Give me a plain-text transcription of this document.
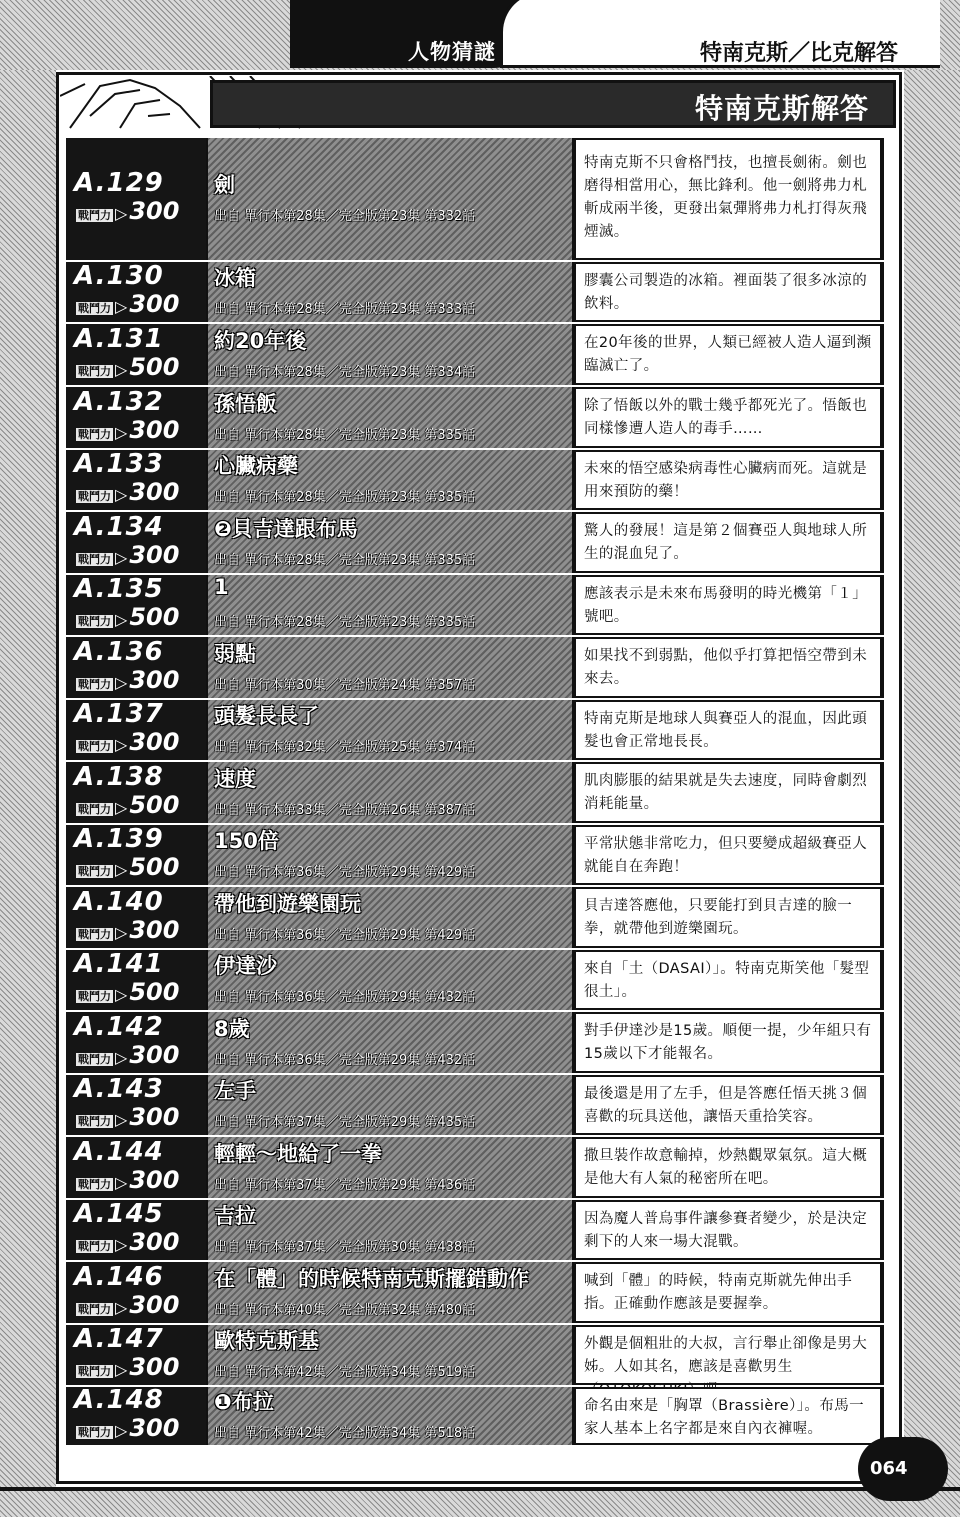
人物猜謎	特南克斯／比克解答
特南克斯解答
A.129
戰鬥力 ▷300
劍
出自 單行本第28集／完全版第23集 第332話
特南克斯不只會格鬥技，也擅長劍術。劍也磨得相當用心，無比鋒利。他一劍將弗力札斬成兩半後，更發出氣彈將弗力札打得灰飛煙滅。
A.130
戰鬥力 ▷300
冰箱
出自 單行本第28集／完全版第23集 第333話
膠囊公司製造的冰箱。裡面裝了很多冰涼的飲料。
A.131
戰鬥力 ▷500
約20年後
出自 單行本第28集／完全版第23集 第334話
在20年後的世界，人類已經被人造人逼到瀕臨滅亡了。
A.132
戰鬥力 ▷300
孫悟飯
出自 單行本第28集／完全版第23集 第335話
除了悟飯以外的戰士幾乎都死光了。悟飯也同樣慘遭人造人的毒手……
A.133
戰鬥力 ▷300
心臟病藥
出自 單行本第28集／完全版第23集 第335話
未來的悟空感染病毒性心臟病而死。這就是用來預防的藥！
A.134
戰鬥力 ▷300
❷貝吉達跟布馬
出自 單行本第28集／完全版第23集 第335話
驚人的發展！這是第２個賽亞人與地球人所生的混血兒了。
A.135
戰鬥力 ▷500
1
出自 單行本第28集／完全版第23集 第335話
應該表示是未來布馬發明的時光機第「１」號吧。
A.136
戰鬥力 ▷300
弱點
出自 單行本第30集／完全版第24集 第357話
如果找不到弱點，他似乎打算把悟空帶到未來去。
A.137
戰鬥力 ▷300
頭髮長長了
出自 單行本第32集／完全版第25集 第374話
特南克斯是地球人與賽亞人的混血，因此頭髮也會正常地長長。
A.138
戰鬥力 ▷500
速度
出自 單行本第33集／完全版第26集 第387話
肌肉膨脹的結果就是失去速度，同時會劇烈消耗能量。
A.139
戰鬥力 ▷500
150倍
出自 單行本第36集／完全版第29集 第429話
平常狀態非常吃力，但只要變成超級賽亞人就能自在奔跑！
A.140
戰鬥力 ▷300
帶他到遊樂園玩
出自 單行本第36集／完全版第29集 第429話
貝吉達答應他，只要能打到貝吉達的臉一拳，就帶他到遊樂園玩。
A.141
戰鬥力 ▷500
伊達沙
出自 單行本第36集／完全版第29集 第432話
來自「土（DASAI）」。特南克斯笑他「髮型很土」。
A.142
戰鬥力 ▷300
8歲
出自 單行本第36集／完全版第29集 第432話
對手伊達沙是15歲。順便一提，少年組只有15歲以下才能報名。
A.143
戰鬥力 ▷300
左手
出自 單行本第37集／完全版第29集 第435話
最後還是用了左手，但是答應任悟天挑３個喜歡的玩具送他，讓悟天重拾笑容。
A.144
戰鬥力 ▷300
輕輕～地給了一拳
出自 單行本第37集／完全版第29集 第436話
撒旦裝作故意輸掉，炒熱觀眾氣氛。這大概是他大有人氣的秘密所在吧。
A.145
戰鬥力 ▷300
吉拉
出自 單行本第37集／完全版第30集 第438話
因為魔人普烏事件讓參賽者變少，於是決定剩下的人來一場大混戰。
A.146
戰鬥力 ▷300
在「體」的時候特南克斯擺錯動作
出自 單行本第40集／完全版第32集 第480話
喊到「體」的時候，特南克斯就先伸出手指。正確動作應該是要握拳。
A.147
戰鬥力 ▷300
歐特克斯基
出自 單行本第42集／完全版第34集 第519話
外觀是個粗壯的大叔，言行舉止卻像是男大姊。人如其名，應該是喜歡男生
A.148
戰鬥力 ▷300
❶布拉
出自 單行本第42集／完全版第34集 第518話
命名由來是「胸罩（Brassière）」。布馬一家人基本上名字都是來自內衣褲喔。
064
